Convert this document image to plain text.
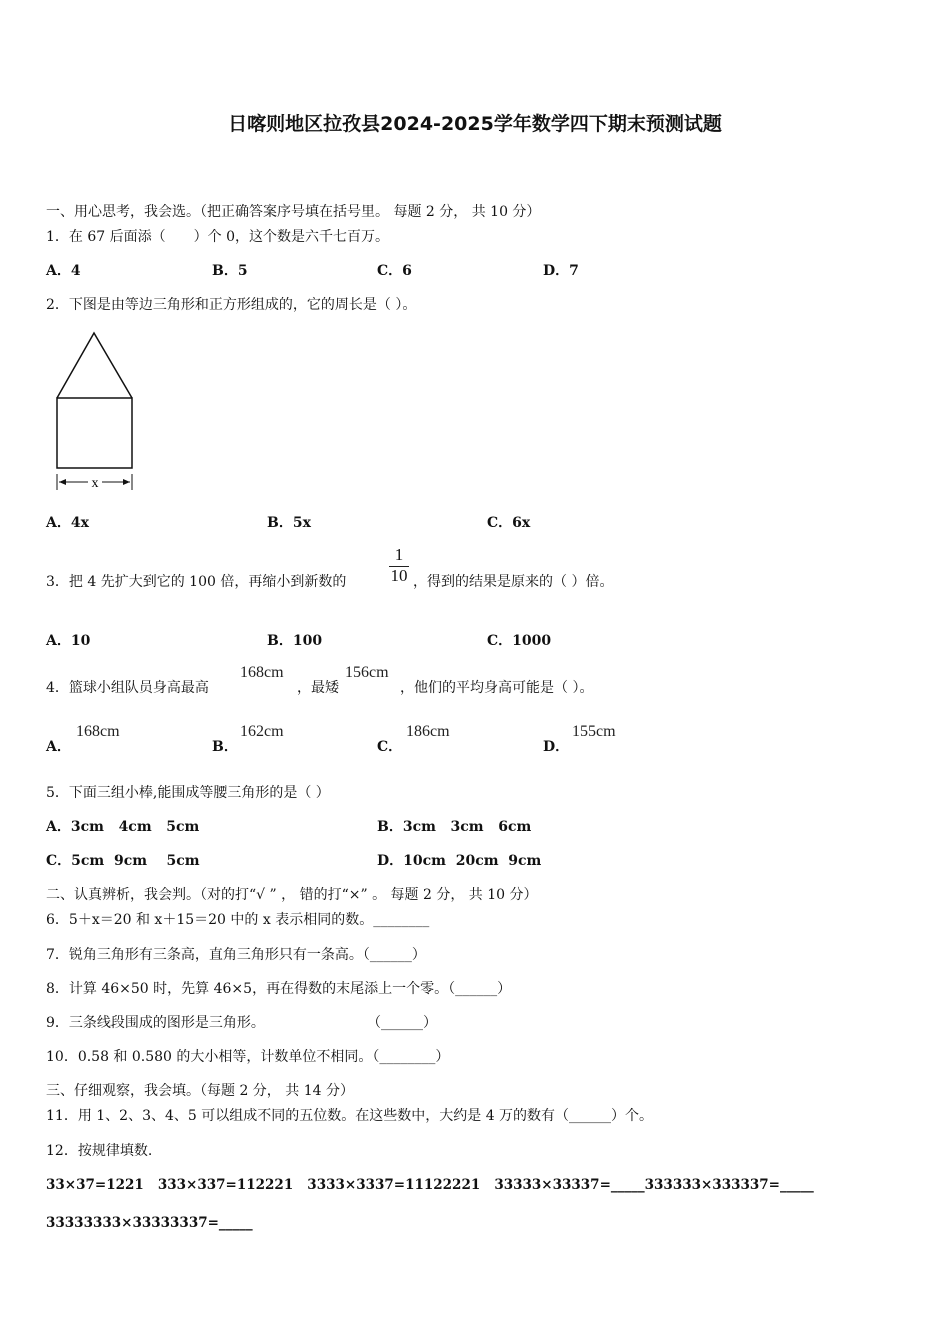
日喀则地区拉孜县2024-2025学年数学四下期末预测试题
一、用心思考，我会选。（把正确答案序号填在括号里。 每题 2 分， 共 10 分）
1．在 67 后面添（　　）个 0，这个数是六千七百万。
A．4	B．5	C．6	D．7
2．下图是由等边三角形和正方形组成的，它的周长是（ ）。
x
A．4x	B．5x	C．6x
3．把 4 先扩大到它的 100 倍，再缩小到新数的
1
10 ，得到的结果是原来的（ ）倍。
A．10	B．100	C．1000
4．篮球小组队员身高最高
168cm
，最矮
156cm
，他们的平均身高可能是（ ）。
A．
168cm
B．
162cm
C．
186cm
D．
155cm
5．下面三组小棒,能围成等腰三角形的是（ ）
A．3cm   4cm   5cm	B．3cm   3cm   6cm
C．5cm  9cm    5cm	D．10cm  20cm  9cm
二、认真辨析，我会判。（对的打“√ ” ， 错的打“×” 。 每题 2 分， 共 10 分）
6．5＋x＝20 和 x＋15＝20 中的 x 表示相同的数。________
7．锐角三角形有三条高，直角三角形只有一条高。（______）
8．计算 46×50 时，先算 46×5，再在得数的末尾添上一个零。（______）
9．三条线段围成的图形是三角形。	（______）
10．0.58 和 0.580 的大小相等，计数单位不相同。（________）
三、仔细观察，我会填。（每题 2 分， 共 14 分）
11．用 1、2、3、4、5 可以组成不同的五位数。在这些数中，大约是 4 万的数有（______）个。
12．按规律填数.
33×37=1221   333×337=112221   3333×3337=11122221   33333×33337=_____333333×333337=_____
33333333×33333337=_____
